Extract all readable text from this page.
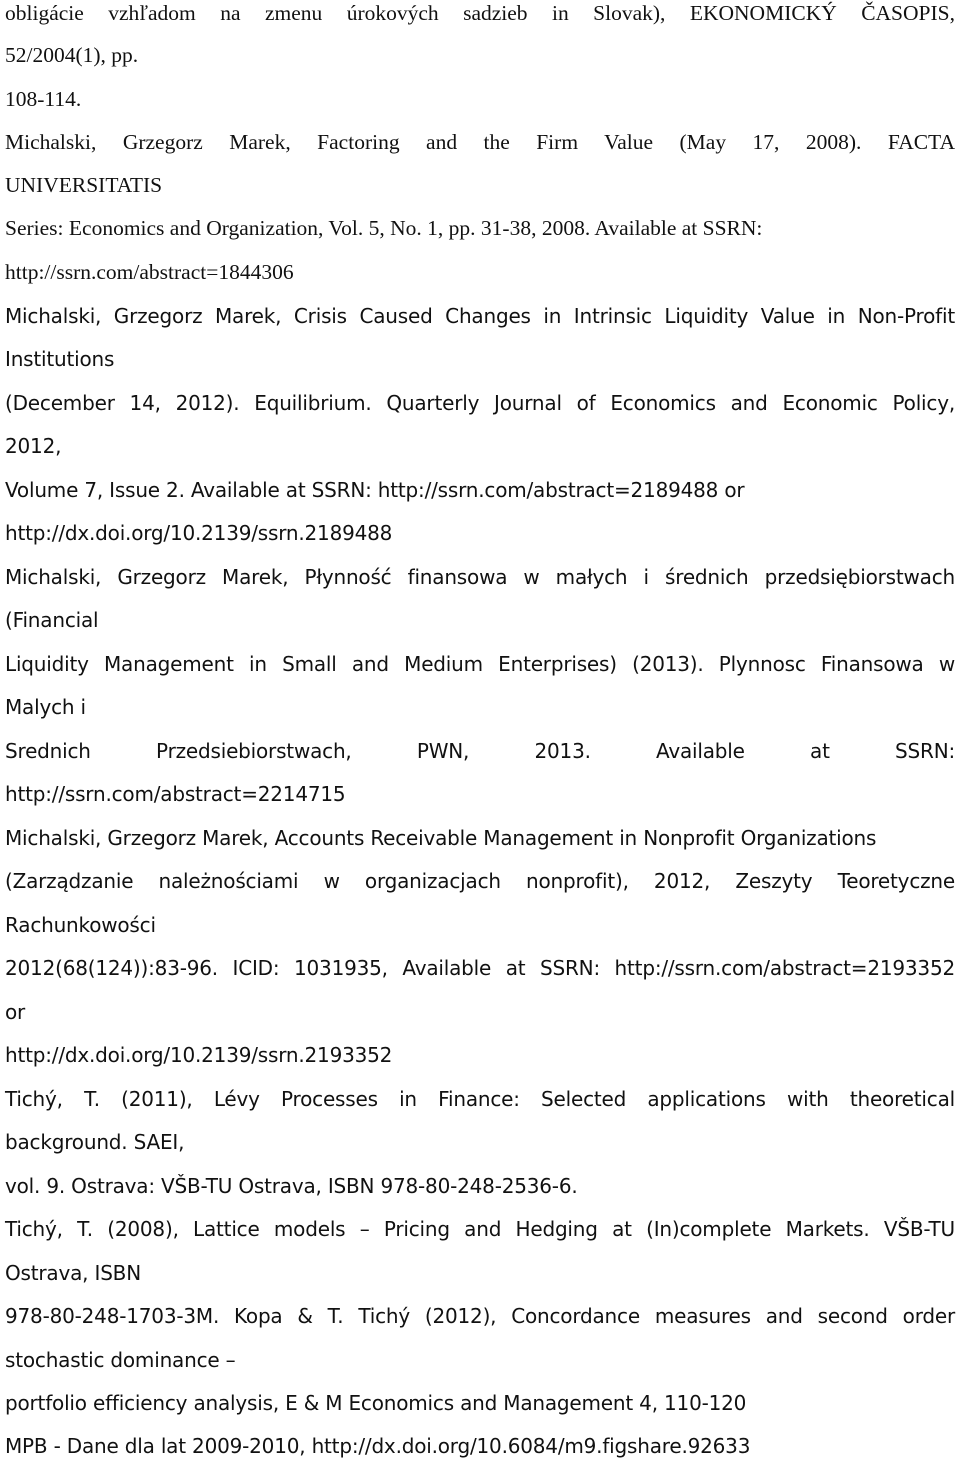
obligácie vzhľadom na zmenu úrokových sadzieb in Slovak), EKONOMICKÝ ČASOPIS,
52/2004(1), pp.
108-114.
Michalski, Grzegorz Marek, Factoring and the Firm Value (May 17, 2008). FACTA
UNIVERSITATIS
Series: Economics and Organization, Vol. 5, No. 1, pp. 31-38, 2008. Available at SSRN:
http://ssrn.com/abstract=1844306
Michalski, Grzegorz Marek, Crisis Caused Changes in Intrinsic Liquidity Value in Non-Profit
Institutions
(December 14, 2012). Equilibrium. Quarterly Journal of Economics and Economic Policy,
2012,
Volume 7, Issue 2. Available at SSRN: http://ssrn.com/abstract=2189488 or
http://dx.doi.org/10.2139/ssrn.2189488
Michalski, Grzegorz Marek, Płynność finansowa w małych i średnich przedsiębiorstwach
(Financial
Liquidity Management in Small and Medium Enterprises) (2013). Plynnosc Finansowa w
Malych i
Srednich Przedsiebiorstwach, PWN, 2013. Available at SSRN:
http://ssrn.com/abstract=2214715
Michalski, Grzegorz Marek, Accounts Receivable Management in Nonprofit Organizations
(Zarządzanie należnościami w organizacjach nonprofit), 2012, Zeszyty Teoretyczne
Rachunkowości
2012(68(124)):83-96. ICID: 1031935, Available at SSRN: http://ssrn.com/abstract=2193352
or
http://dx.doi.org/10.2139/ssrn.2193352
Tichý, T. (2011), Lévy Processes in Finance: Selected applications with theoretical
background. SAEI,
vol. 9. Ostrava: VŠB-TU Ostrava, ISBN 978-80-248-2536-6.
Tichý, T. (2008), Lattice models – Pricing and Hedging at (In)complete Markets. VŠB-TU
Ostrava, ISBN
978-80-248-1703-3M. Kopa & T. Tichý (2012), Concordance measures and second order
stochastic dominance –
portfolio efficiency analysis, E & M Economics and Management 4, 110-120
MPB - Dane dla lat 2009-2010, http://dx.doi.org/10.6084/m9.figshare.92633
